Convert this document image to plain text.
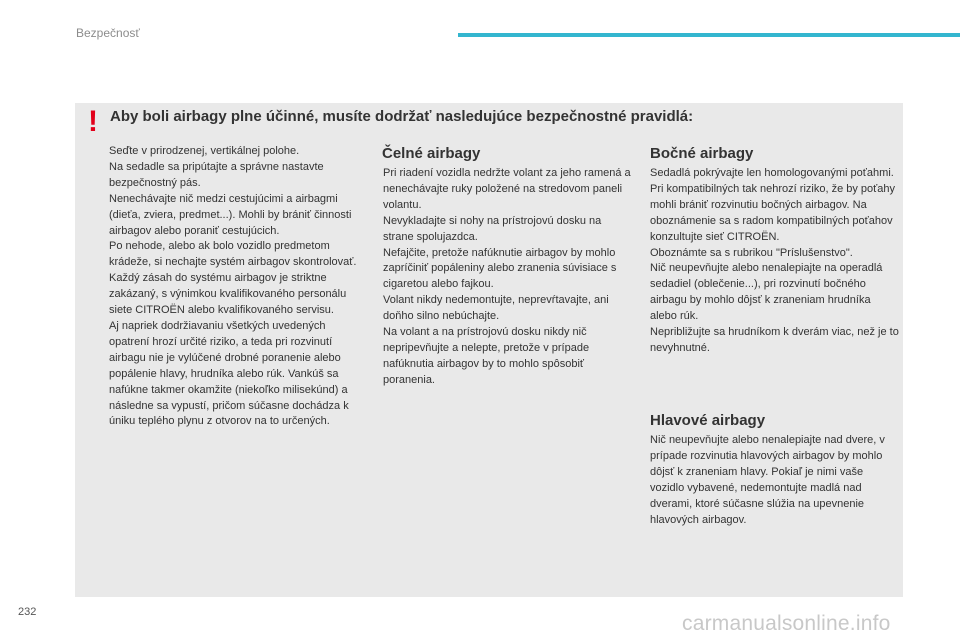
Bezpečnosť
! Aby boli airbagy plne účinné, musíte dodržať nasledujúce bezpečnostné pravidlá:

Seďte v prirodzenej, vertikálnej polohe.

Na sedadle sa pripútajte a správne nastavte bezpečnostný pás.

Nenechávajte nič medzi cestujúcimi a airbagmi (dieťa, zviera, predmet...). Mohli by brániť činnosti airbagov alebo poraniť cestujúcich.

Po nehode, alebo ak bolo vozidlo predmetom krádeže, si nechajte systém airbagov skontrolovať.

Každý zásah do systému airbagov je striktne zakázaný, s výnimkou kvalifikovaného personálu siete CITROËN alebo kvalifikovaného servisu.

Aj napriek dodržiavaniu všetkých uvedených opatrení hrozí určité riziko, a teda pri rozvinutí airbagu nie je vylúčené drobné poranenie alebo popálenie hlavy, hrudníka alebo rúk. Vankúš sa nafúkne takmer okamžite (niekoľko milisekúnd) a následne sa vypustí, pričom súčasne dochádza k úniku teplého plynu z otvorov na to určených.

Čelné airbagy

Pri riadení vozidla nedržte volant za jeho ramená a nenechávajte ruky položené na stredovom paneli volantu.

Nevykladajte si nohy na prístrojovú dosku na strane spolujazdca.

Nefajčite, pretože nafúknutie airbagov by mohlo zapríčiniť popáleniny alebo zranenia súvisiace s cigaretou alebo fajkou.

Volant nikdy nedemontujte, neprevŕtavajte, ani doňho silno nebúchajte.

Na volant a na prístrojovú dosku nikdy nič nepripevňujte a nelepte, pretože v prípade nafúknutia airbagov by to mohlo spôsobiť poranenia.

Bočné airbagy

Sedadlá pokrývajte len homologovanými poťahmi. Pri kompatibilných tak nehrozí riziko, že by poťahy mohli brániť rozvinutiu bočných airbagov. Na oboznámenie sa s radom kompatibilných poťahov konzultujte sieť CITROËN.

Oboznámte sa s rubrikou "Príslušenstvo".

Nič neupevňujte alebo nenalepiajte na operadlá sedadiel (oblečenie...), pri rozvinutí bočného airbagu by mohlo dôjsť k zraneniam hrudníka alebo rúk.

Nepribližujte sa hrudníkom k dverám viac, než je to nevyhnutné.

Hlavové airbagy

Nič neupevňujte alebo nenalepiajte nad dvere, v prípade rozvinutia hlavových airbagov by mohlo dôjsť k zraneniam hlavy. Pokiaľ je nimi vaše vozidlo vybavené, nedemontujte madlá nad dverami, ktoré súčasne slúžia na upevnenie hlavových airbagov.

232	carmanualsonline.info
